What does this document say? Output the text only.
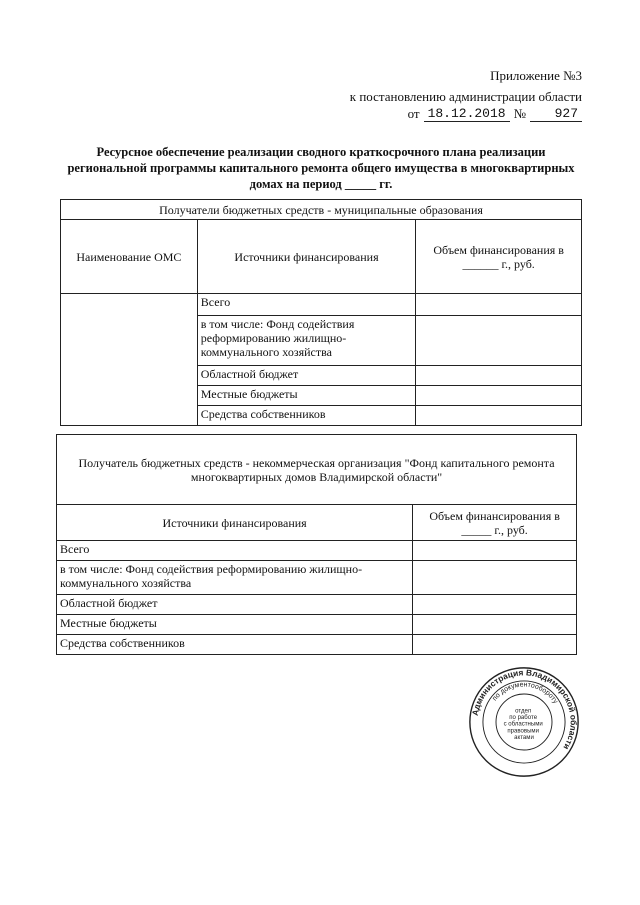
Приложение №3
к постановлению администрации области
от 18.12.2018 №	927
Ресурсное обеспечение реализации сводного краткосрочного плана реализации региональной программы капитального ремонта общего имущества в многоквартирных домах на период _____ гг.
Получатели бюджетных средств - муниципальные образования		
Наименование ОМС	Источники финансирования	Объем финансирования в
______ г., руб.

	Всего	
	в том числе: Фонд содействия реформированию жилищно-коммунального хозяйства	
	Областной бюджет	
	Местные бюджеты	
	Средства собственников	
Получатель бюджетных средств - некоммерческая организация "Фонд капитального ремонта многоквартирных домов Владимирской области"	
Источники финансирования	Объем финансирования в
_____ г., руб.

Всего	
в том числе: Фонд содействия реформированию жилищно-коммунального хозяйства	
Областной бюджет	
Местные бюджеты	
Средства собственников	
Администрация Владимирской области
по документообороту
отдел по работе с областными правовыми актами
